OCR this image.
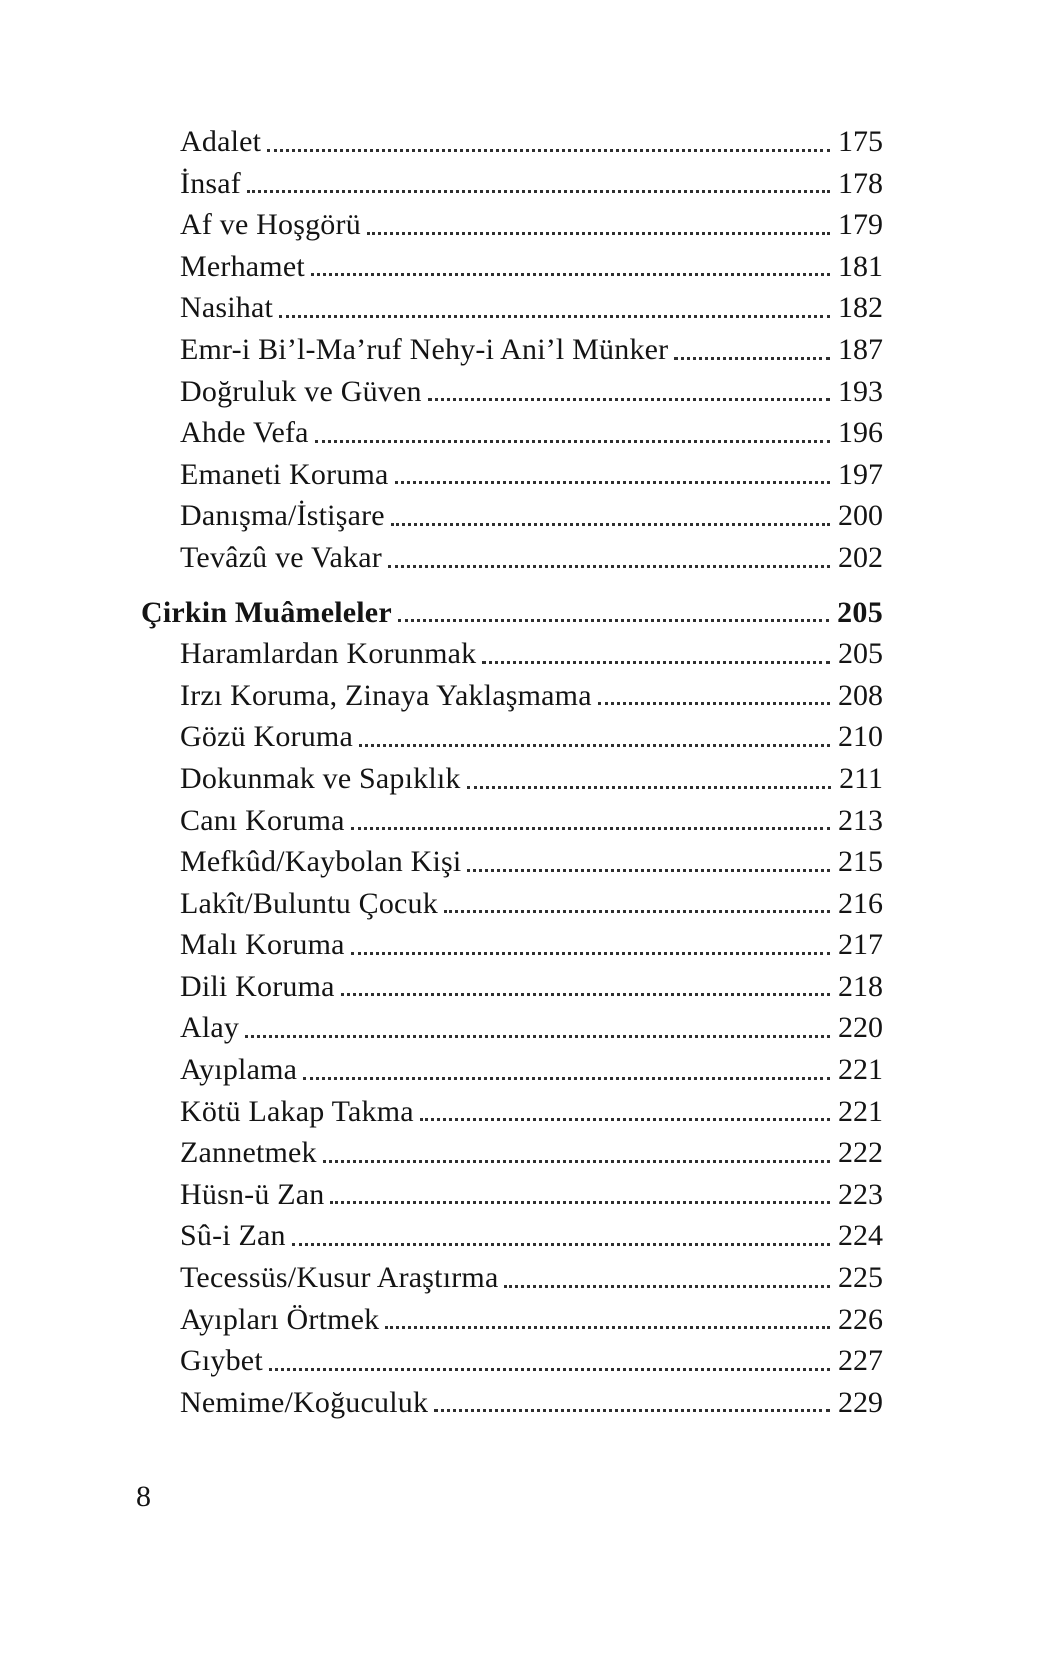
Adalet	175
İnsaf	178
Af ve Hoşgörü	179
Merhamet	181
Nasihat	182
Emr-i Bi’l-Ma’ruf Nehy-i Ani’l Münker	187
Doğruluk ve Güven	193
Ahde Vefa	196
Emaneti Koruma	197
Danışma/İstişare	200
Tevâzû ve Vakar	202
Çirkin Muâmeleler	205
Haramlardan Korunmak	205
Irzı Koruma, Zinaya Yaklaşmama	208
Gözü Koruma	210
Dokunmak ve Sapıklık	211
Canı Koruma	213
Mefkûd/Kaybolan Kişi	215
Lakît/Buluntu Çocuk	216
Malı Koruma	217
Dili Koruma	218
Alay	220
Ayıplama	221
Kötü Lakap Takma	221
Zannetmek	222
Hüsn-ü Zan	223
Sû-i Zan	224
Tecessüs/Kusur Araştırma	225
Ayıpları Örtmek	226
Gıybet	227
Nemime/Koğuculuk	229
8
